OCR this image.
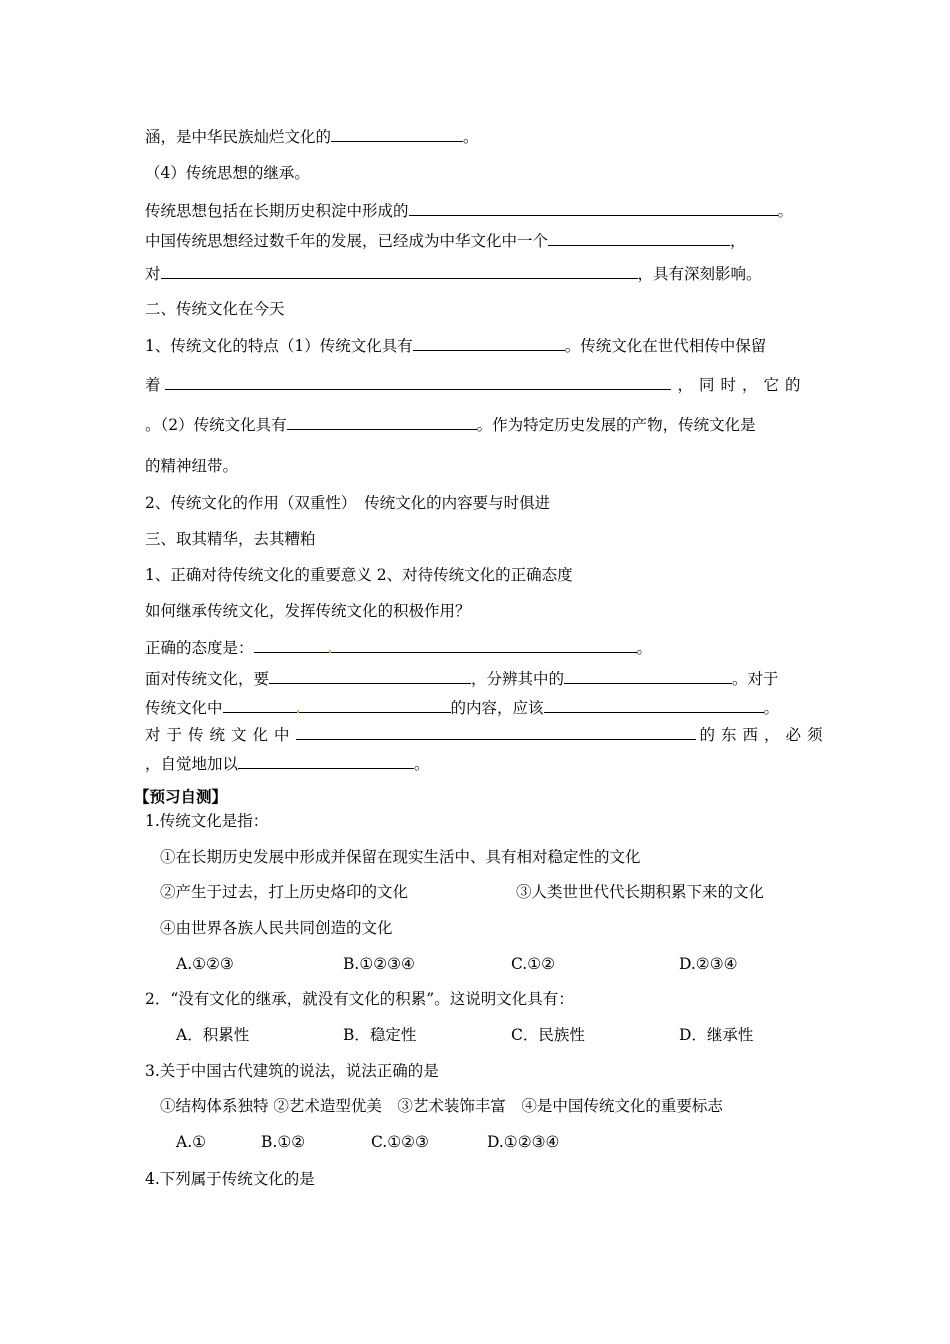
涵，是中华民族灿烂文化的	。
（4）传统思想的继承。
传统思想包括在长期历史积淀中形成的	。
中国传统思想经过数千年的发展，已经成为中华文化中一个	，
对	，具有深刻影响。
二、传统文化在今天
1、传统文化的特点（1）传统文化具有	。传统文化在世代相传中保留
着	，同时，它的
。（2）传统文化具有	。作为特定历史发展的产物，传统文化是
的精神纽带。
2、传统文化的作用（双重性）　传统文化的内容要与时俱进
三、取其精华，去其糟粕
1、正确对待传统文化的重要意义 2、对待传统文化的正确态度
如何继承传统文化，发挥传统文化的积极作用？
正确的态度是：	。
面对传统文化，要	，分辨其中的	。对于
传统文化中	的内容，应该	。
对于传统文化中	的东西，必须
，自觉地加以	。
【预习自测】
1.传统文化是指：
①在长期历史发展中形成并保留在现实生活中、具有相对稳定性的文化
②产生于过去，打上历史烙印的文化	③人类世世代代长期积累下来的文化
④由世界各族人民共同创造的文化
A.①②③	B.①②③④	C.①②	D.②③④
2．“没有文化的继承，就没有文化的积累”。这说明文化具有：
A．积累性	B．稳定性	C．民族性	D．继承性
3.关于中国古代建筑的说法，说法正确的是
①结构体系独特 ②艺术造型优美　③艺术装饰丰富　④是中国传统文化的重要标志
A.①	B.①②	C.①②③	D.①②③④
4.下列属于传统文化的是
